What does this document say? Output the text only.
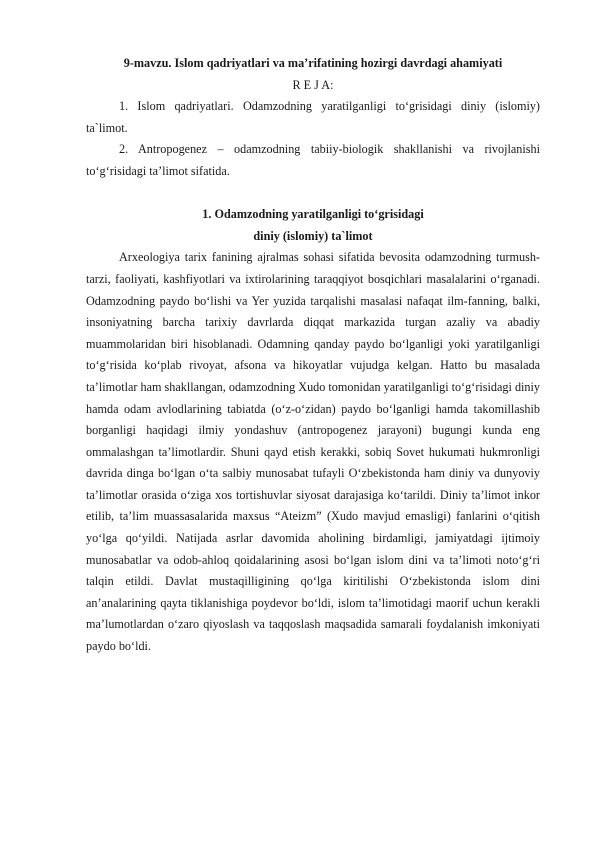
9-mavzu. Islom qadriyatlari va ma’rifatining hozirgi davrdagi ahamiyati

R E J A:

1. Islom qadriyatlari. Odamzodning yaratilganligi to‘grisidagi diniy (islomiy) ta`limot.

2. Antropogenez – odamzodning tabiiy-biologik shakllanishi va rivojlanishi to‘g‘risidagi ta’limot sifatida.

1. Odamzodning yaratilganligi to‘grisidagi
diniy (islomiy) ta`limot

Arxeologiya tarix fanining ajralmas sohasi sifatida bevosita odamzodning turmush-tarzi, faoliyati, kashfiyotlari va ixtirolarining taraqqiyot bosqichlari masalalarini o‘rganadi. Odamzodning paydo bo‘lishi va Yer yuzida tarqalishi masalasi nafaqat ilm-fanning, balki, insoniyatning barcha tarixiy davrlarda diqqat markazida turgan azaliy va abadiy muammolaridan biri hisoblanadi. Odamning qanday paydo bo‘lganligi yoki yaratilganligi to‘g‘risida ko‘plab rivoyat, afsona va hikoyatlar vujudga kelgan. Hatto bu masalada ta’limotlar ham shakllangan, odamzodning Xudo tomonidan yaratilganligi to‘g‘risidagi diniy hamda odam avlodlarining tabiatda (o‘z-o‘zidan) paydo bo‘lganligi hamda takomillashib borganligi haqidagi ilmiy yondashuv (antropogenez jarayoni) bugungi kunda eng ommalashgan ta’limotlardir. Shuni qayd etish kerakki, sobiq Sovet hukumati hukmronligi davrida dinga bo‘lgan o‘ta salbiy munosabat tufayli O‘zbekistonda ham diniy va dunyoviy ta’limotlar orasida o‘ziga xos tortishuvlar siyosat darajasiga ko‘tarildi. Diniy ta’limot inkor etilib, ta’lim muassasalarida maxsus “Ateizm” (Xudo mavjud emasligi) fanlarini o‘qitish yo‘lga qo‘yildi. Natijada asrlar davomida aholining birdamligi, jamiyatdagi ijtimoiy munosabatlar va odob-ahloq qoidalarining asosi bo‘lgan islom dini va ta’limoti noto‘g‘ri talqin etildi. Davlat mustaqilligining qo‘lga kiritilishi O‘zbekistonda islom dini an’analarining qayta tiklanishiga poydevor bo‘ldi, islom ta’limotidagi maorif uchun kerakli ma’lumotlardan o‘zaro qiyoslash va taqqoslash maqsadida samarali foydalanish imkoniyati paydo bo‘ldi.
